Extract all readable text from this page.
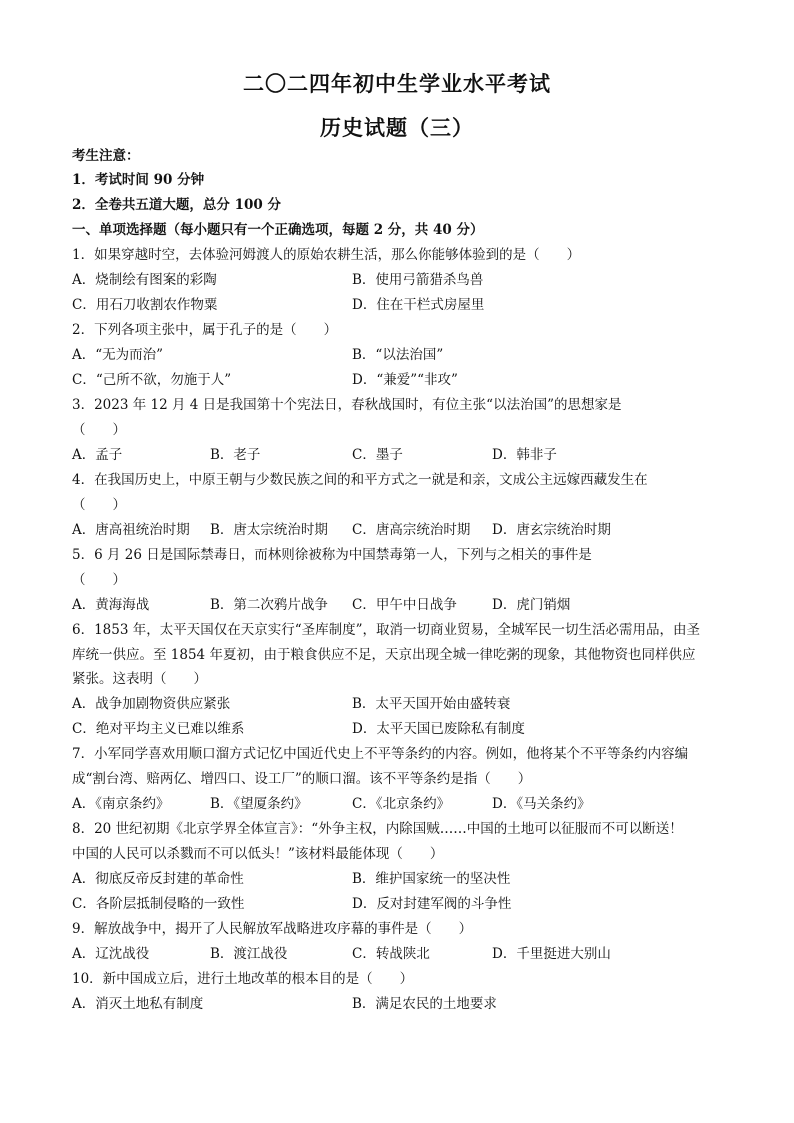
二〇二四年初中生学业水平考试
历史试题（三）
考生注意：
1．考试时间 90 分钟
2．全卷共五道大题，总分 100 分
一、单项选择题（每小题只有一个正确选项，每题 2 分，共 40 分）
1．如果穿越时空，去体验河姆渡人的原始农耕生活，那么你能够体验到的是（　　）
A．烧制绘有图案的彩陶	B．使用弓箭猎杀鸟兽
C．用石刀收割农作物粟	D．住在干栏式房屋里
2．下列各项主张中，属于孔子的是（　　）
A．“无为而治”	B．“以法治国”
C．“己所不欲，勿施于人”	D．“兼爱”“非攻”
3．2023 年 12 月 4 日是我国第十个宪法日，春秋战国时，有位主张“以法治国”的思想家是
（　　）
A．孟子	B．老子	C．墨子	D．韩非子
4．在我国历史上，中原王朝与少数民族之间的和平方式之一就是和亲，文成公主远嫁西藏发生在
（　　）
A．唐高祖统治时期 B．唐太宗统治时期 C．唐高宗统治时期 D．唐玄宗统治时期
5．6 月 26 日是国际禁毒日，而林则徐被称为中国禁毒第一人，下列与之相关的事件是
（　　）
A．黄海海战	B．第二次鸦片战争 C．甲午中日战争	D．虎门销烟
6．1853 年，太平天国仅在天京实行“圣库制度”，取消一切商业贸易，全城军民一切生活必需用品，由圣
库统一供应。至 1854 年夏初，由于粮食供应不足，天京出现全城一律吃粥的现象，其他物资也同样供应
紧张。这表明（　　）
A．战争加剧物资供应紧张	B．太平天国开始由盛转衰
C．绝对平均主义已难以维系	D．太平天国已废除私有制度
7．小军同学喜欢用顺口溜方式记忆中国近代史上不平等条约的内容。例如，他将某个不平等条约内容编
成“割台湾、赔两亿、增四口、设工厂”的顺口溜。该不平等条约是指（　　）
A．《南京条约》	B．《望厦条约》	C．《北京条约》	D．《马关条约》
8．20 世纪初期《北京学界全体宣言》：“外争主权，内除国贼……中国的土地可以征服而不可以断送！
中国的人民可以杀戮而不可以低头！”该材料最能体现（　　）
A．彻底反帝反封建的革命性	B．维护国家统一的坚决性
C．各阶层抵制侵略的一致性	D．反对封建军阀的斗争性
9．解放战争中，揭开了人民解放军战略进攻序幕的事件是（　　）
A．辽沈战役	B．渡江战役	C．转战陕北	D．千里挺进大别山
10．新中国成立后，进行土地改革的根本目的是（　　）
A．消灭土地私有制度	B．满足农民的土地要求
